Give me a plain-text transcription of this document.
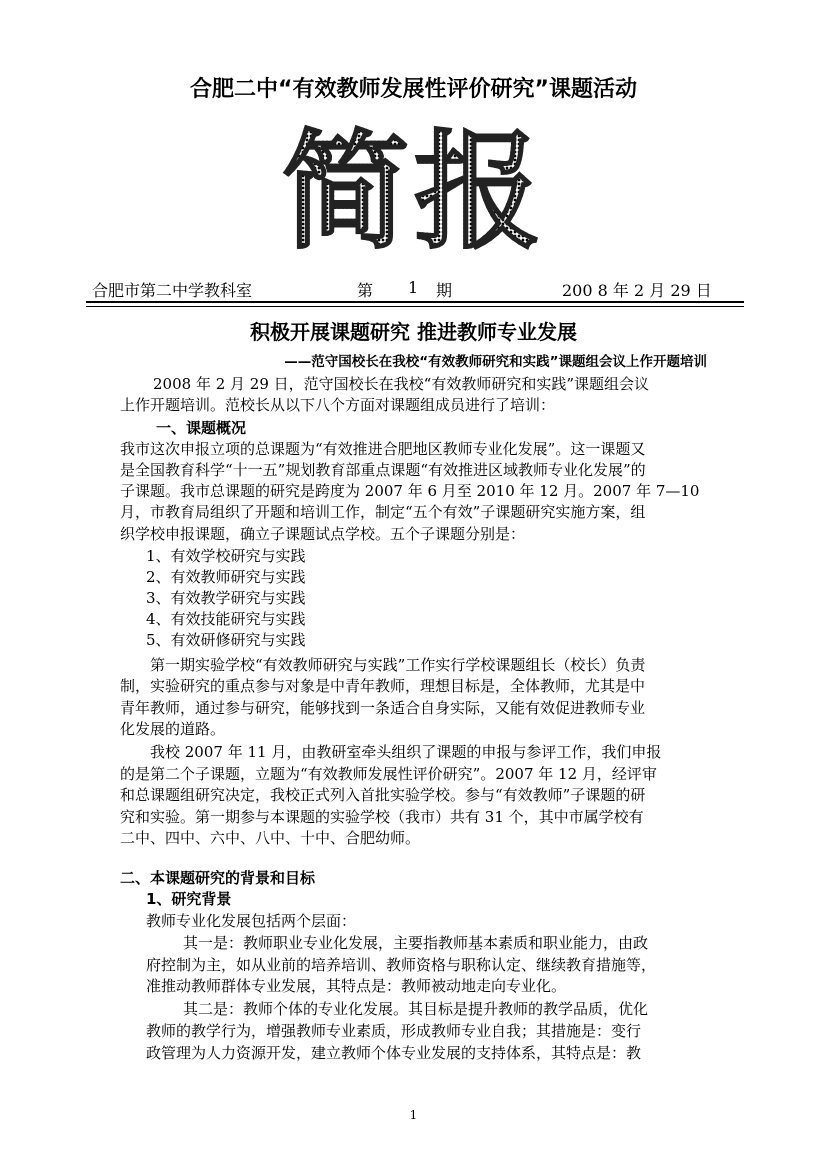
合肥二中“有效教师发展性评价研究”课题活动
简报
合肥市第二中学教科室	第 1 期	200 8 年 2 月 29 日
积极开展课题研究 推进教师专业发展
——范守国校长在我校“有效教师研究和实践”课题组会议上作开题培训
2008 年 2 月 29 日，范守国校长在我校“有效教师研究和实践”课题组会议
上作开题培训。范校长从以下八个方面对课题组成员进行了培训：
一、课题概况
我市这次申报立项的总课题为“有效推进合肥地区教师专业化发展”。这一课题又
是全国教育科学“十一五”规划教育部重点课题“有效推进区域教师专业化发展”的
子课题。我市总课题的研究是跨度为 2007 年 6 月至 2010 年 12 月。2007 年 7—10
月，市教育局组织了开题和培训工作，制定“五个有效”子课题研究实施方案，组
织学校申报课题，确立子课题试点学校。五个子课题分别是：
1、有效学校研究与实践
2、有效教师研究与实践
3、有效教学研究与实践
4、有效技能研究与实践
5、有效研修研究与实践
第一期实验学校“有效教师研究与实践”工作实行学校课题组长（校长）负责
制，实验研究的重点参与对象是中青年教师，理想目标是，全体教师，尤其是中
青年教师，通过参与研究，能够找到一条适合自身实际，又能有效促进教师专业
化发展的道路。
我校 2007 年 11 月，由教研室牵头组织了课题的申报与参评工作，我们申报
的是第二个子课题，立题为“有效教师发展性评价研究”。2007 年 12 月，经评审
和总课题组研究决定，我校正式列入首批实验学校。参与“有效教师”子课题的研
究和实验。第一期参与本课题的实验学校（我市）共有 31 个，其中市属学校有
二中、四中、六中、八中、十中、合肥幼师。
二、本课题研究的背景和目标
1、研究背景
教师专业化发展包括两个层面：
其一是：教师职业专业化发展，主要指教师基本素质和职业能力，由政
府控制为主，如从业前的培养培训、教师资格与职称认定、继续教育措施等，
准推动教师群体专业发展，其特点是：教师被动地走向专业化。
其二是：教师个体的专业化发展。其目标是提升教师的教学品质，优化
教师的教学行为，增强教师专业素质，形成教师专业自我；其措施是：变行
政管理为人力资源开发，建立教师个体专业发展的支持体系，其特点是：教
1
